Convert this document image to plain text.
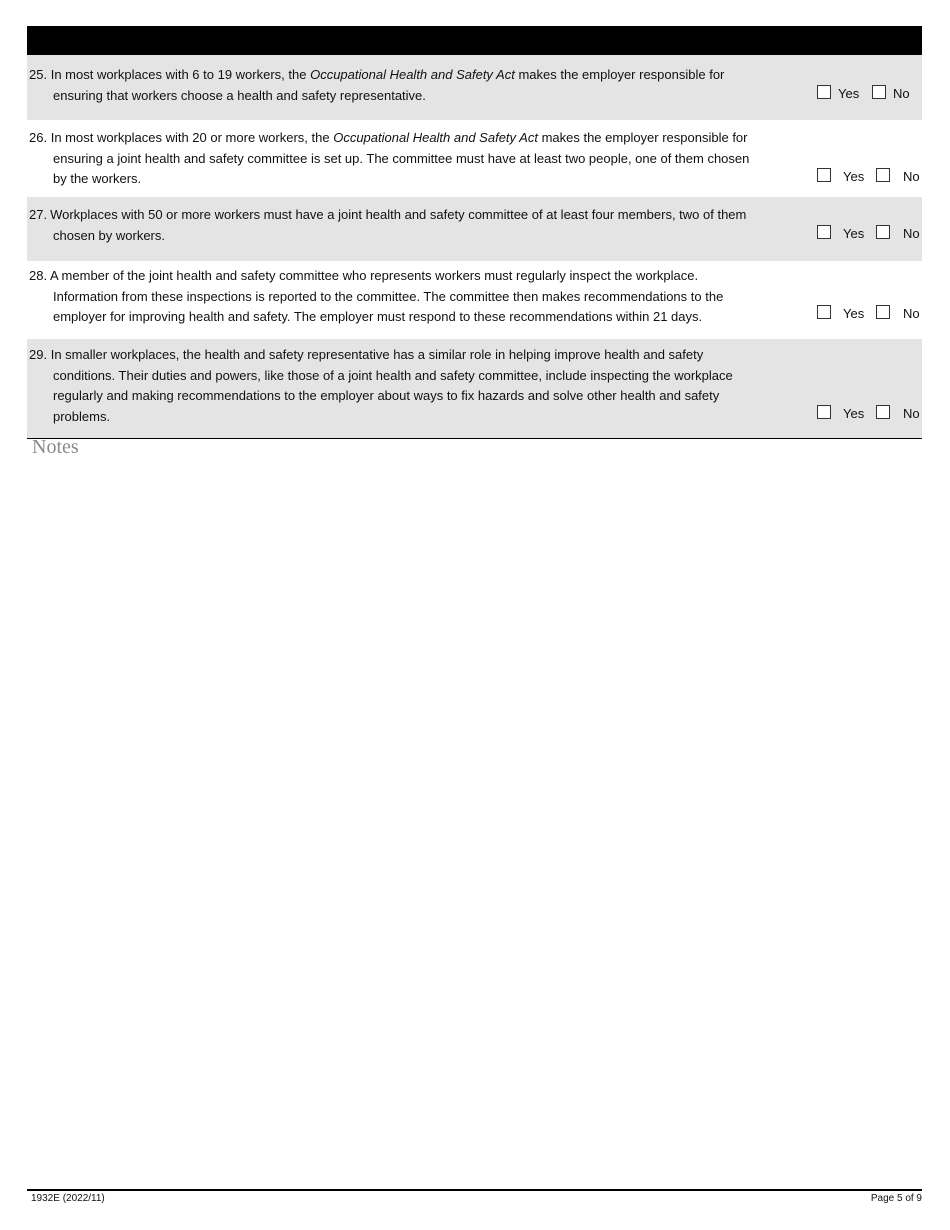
25. In most workplaces with 6 to 19 workers, the Occupational Health and Safety Act makes the employer responsible for
ensuring that workers choose a health and safety representative.	Yes	No
26. In most workplaces with 20 or more workers, the Occupational Health and Safety Act makes the employer responsible for
ensuring a joint health and safety committee is set up. The committee must have at least two people, one of them chosen
by the workers.	Yes	No
27. Workplaces with 50 or more workers must have a joint health and safety committee of at least four members, two of them
chosen by workers.	Yes	No
28. A member of the joint health and safety committee who represents workers must regularly inspect the workplace.
Information from these inspections is reported to the committee. The committee then makes recommendations to the
employer for improving health and safety. The employer must respond to these recommendations within 21 days.	Yes	No
29. In smaller workplaces, the health and safety representative has a similar role in helping improve health and safety
conditions. Their duties and powers, like those of a joint health and safety committee, include inspecting the workplace
regularly and making recommendations to the employer about ways to fix hazards and solve other health and safety
problems.	Yes	No
Notes
1932E (2022/11)	Page 5 of 9
